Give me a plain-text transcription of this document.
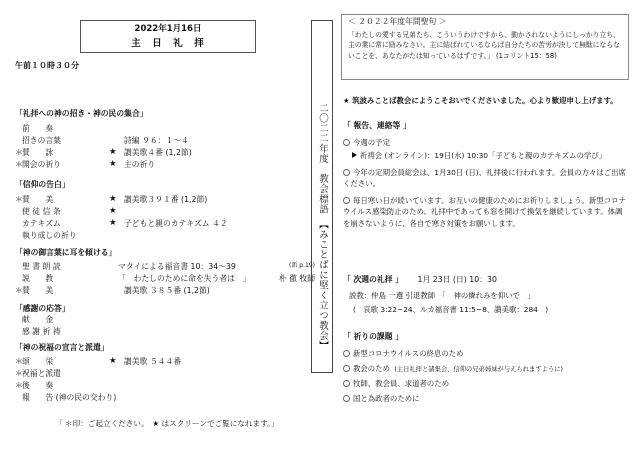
2022年1月16日
主　日　礼　拝
午前１０時３０分
「礼拝への神の招き・神の民の集合」
前　　奏
招きの言葉	詩編 ９６：１〜４
＊ 賛　　詠	★ 讃美歌４番 (1,2節)
＊ 開会の祈り	★ 主の祈り
「信仰の告白」
＊ 賛　　美	★ 讃美歌３９１番 (1,2節)
使 徒 信 条	★
カテキズム	★ 子どもと親のカテキズム ４２
執り成しの祈り
「神の御言葉に耳を傾ける」
聖 書 朗 読	マタイによる福音書 10：34〜39	(新 p.19)
説　　教	「　わたしのために命を失う者は　」	朴 徹 牧師
＊ 賛　　美	讃美歌 ３８５番 (1,2節)
「感謝の応答」
献　　金
感 謝 祈 祷
「神の祝福の宣言と派遣」
＊ 頌　　栄	★ 讃美歌 ５４４番
＊ 祝福と派遣
＊ 後　　奏
報　　告 (神の民の交わり)
「 ＊印：ご起立ください。　★ はスクリーンでご覧になれます。」
二〇二二年度　教会標語　【みことばに堅く立つ教会】
＜ ２０２２年度年間聖句 ＞
「わたしの愛する兄弟たち、こういうわけですから、動かされないようにしっかり立ち、主の業に常に励みなさい。主に結ばれているならば自分たちの苦労が決して無駄にならないことを、あなたがたは知っているはずです。」 (1コリント15：58)
★ 筑波みことば教会にようこそおいでくださいました。心より歓迎申し上げます。
「 報告、連絡等 」
今週の予定
祈祷会 (オンライン)：19日(水) 10:30「子どもと親のカテキズムの学び」
今年の定期会員総会は、1月30日 (日)、礼拝後に行われます。会員の方々はご出席ください。
毎日寒い日が続いています。お互いの健康のためにお祈りしましょう。新型コロナウイルス感染防止のため、礼拝中であっても窓を開けて換気を継続しています。体調を崩さないように、各自で寒さ対策をお願いします。
「 次週の礼拝 」 1月 23日 (日) 10：30
説教：仲島 一遵 引退教師　「　神の憐れみを仰いで　」
(　哀歌 3:22−24、ルカ福音書 11:5−8、讃美歌：284　)
「 祈りの課題 」
新型コロナウイルスの終息のため
教会のため (主日礼拝と諸集会、信仰の兄弟姉妹が与えられますように)
牧師、教会員、求道者のため
国と為政者のために
